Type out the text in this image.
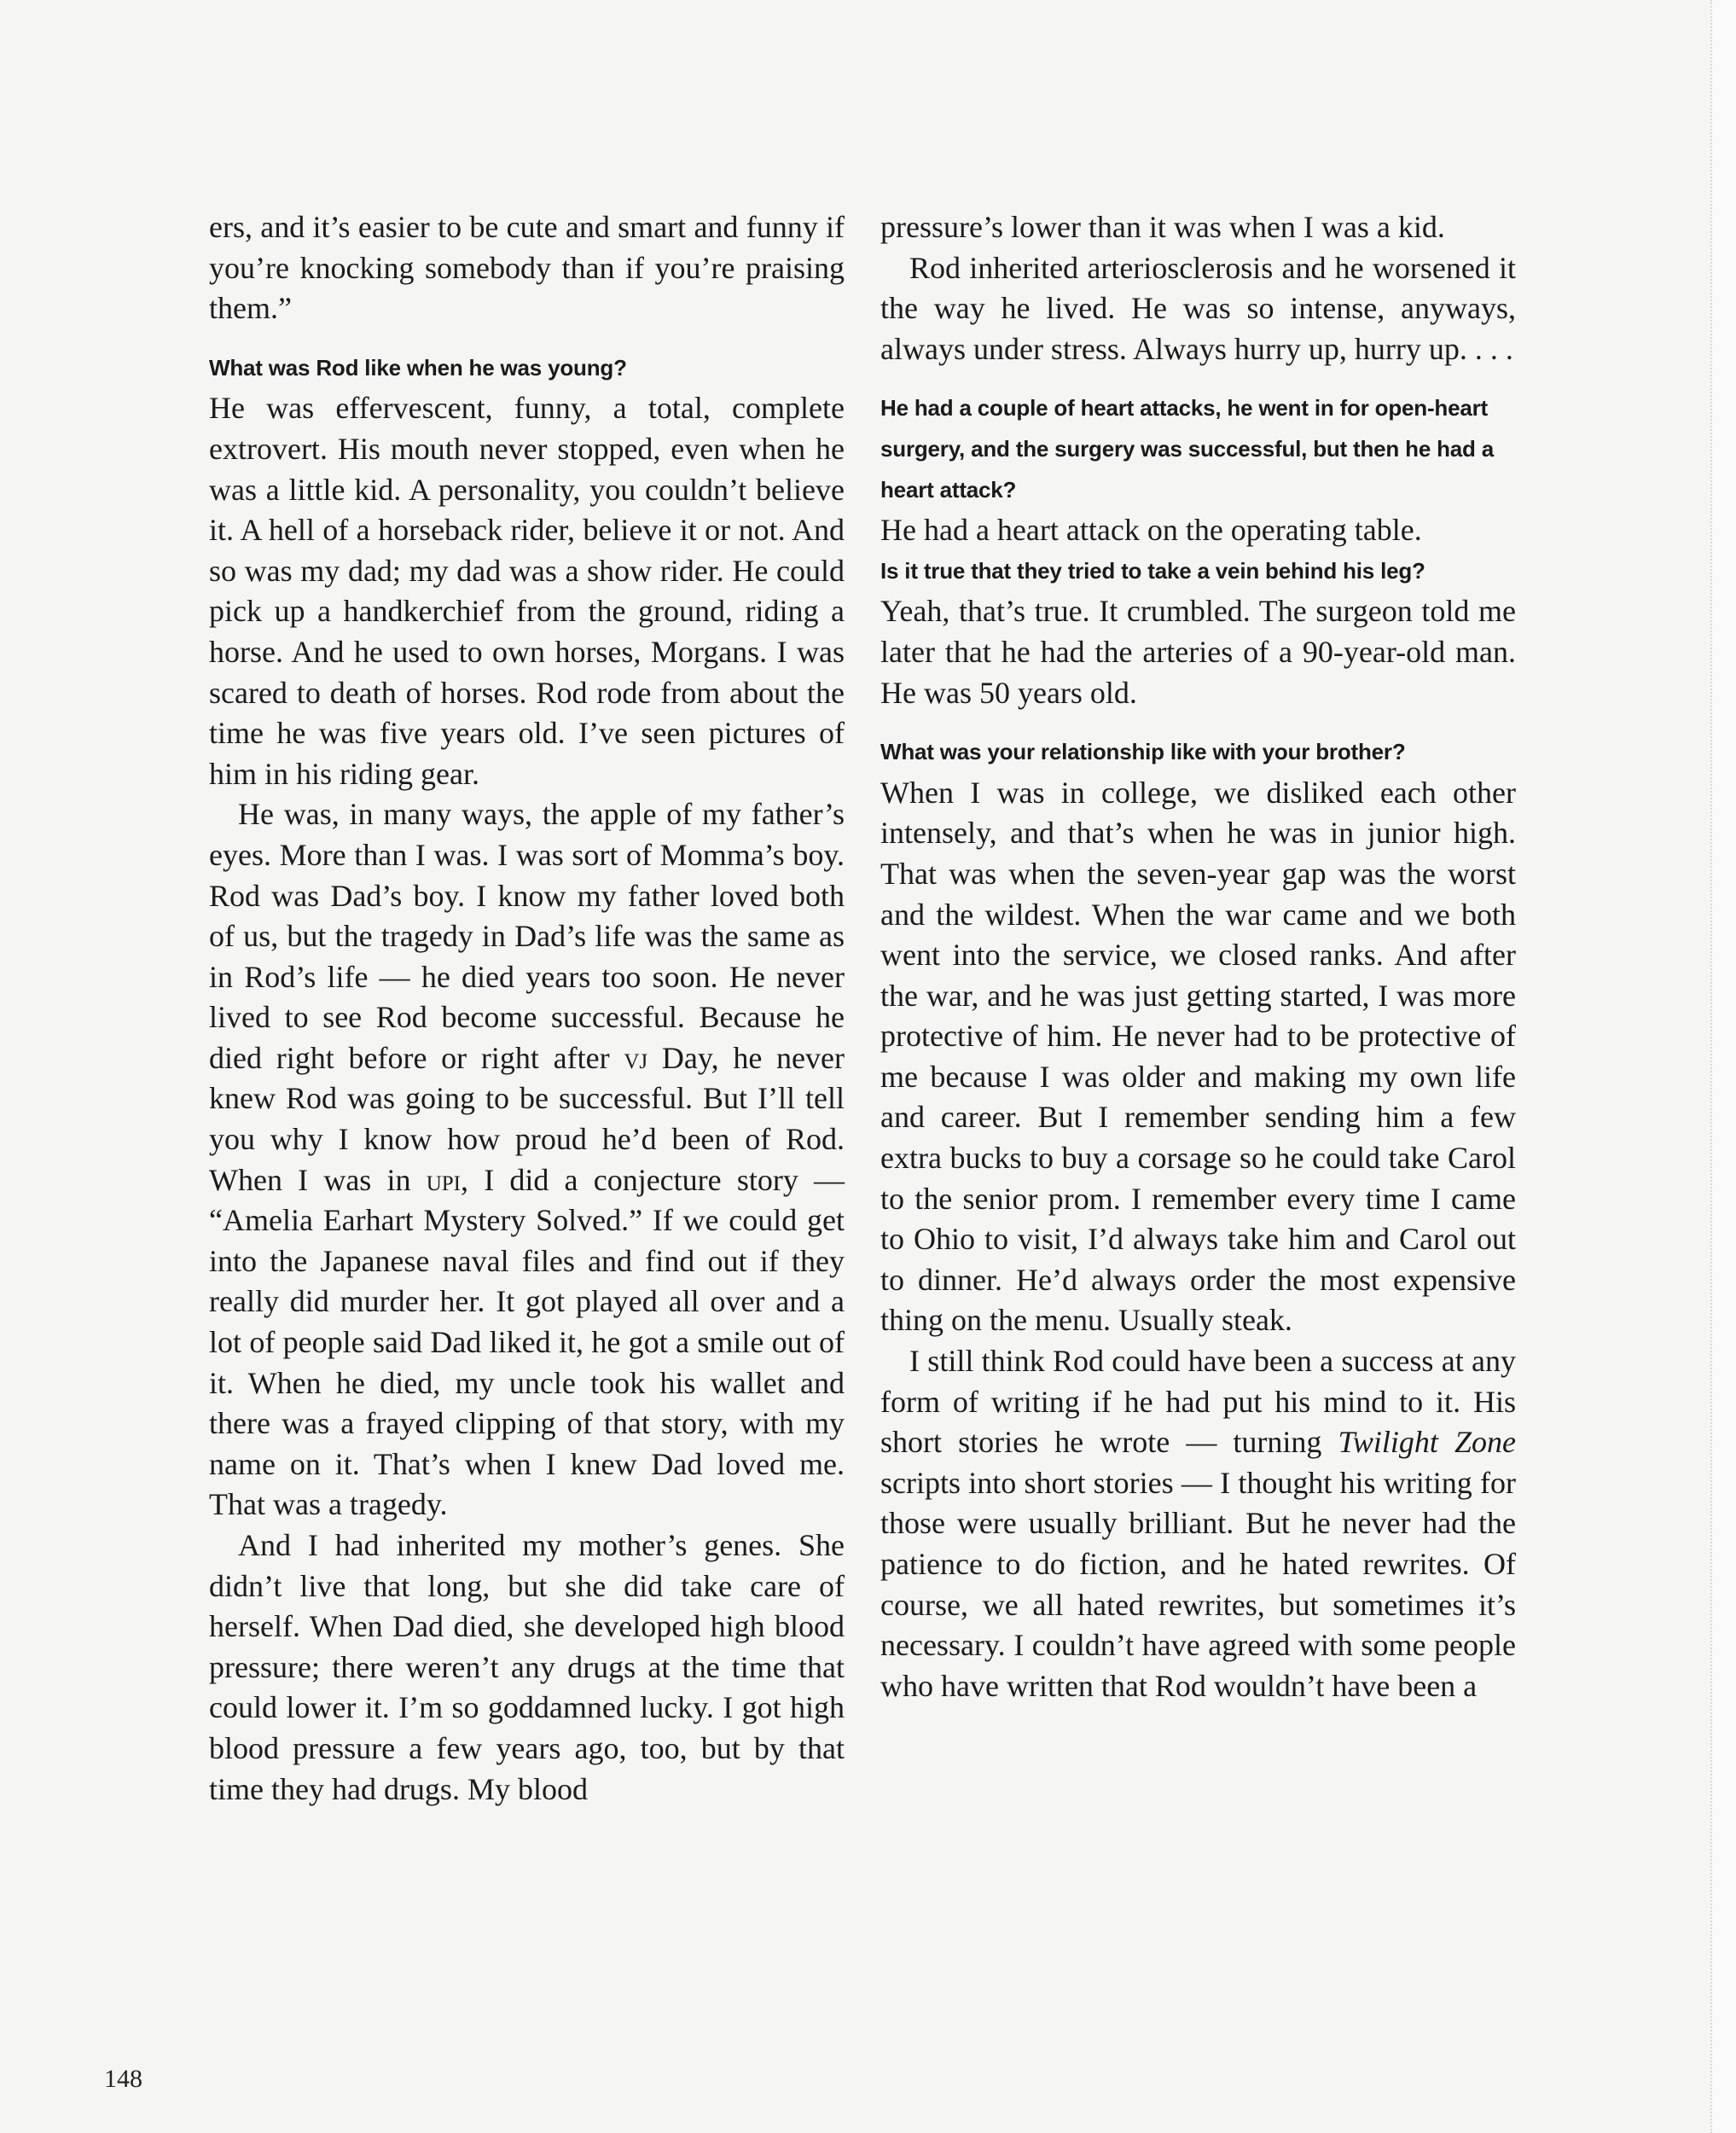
ers, and it’s easier to be cute and smart and funny if you’re knocking somebody than if you’re praising them.”

What was Rod like when he was young?

He was effervescent, funny, a total, complete extrovert. His mouth never stopped, even when he was a little kid. A personality, you couldn’t believe it. A hell of a horseback rider, believe it or not. And so was my dad; my dad was a show rider. He could pick up a handkerchief from the ground, riding a horse. And he used to own horses, Morgans. I was scared to death of horses. Rod rode from about the time he was five years old. I’ve seen pictures of him in his riding gear.

He was, in many ways, the apple of my father’s eyes. More than I was. I was sort of Momma’s boy. Rod was Dad’s boy. I know my father loved both of us, but the tragedy in Dad’s life was the same as in Rod’s life — he died years too soon. He never lived to see Rod become successful. Because he died right before or right after vj Day, he never knew Rod was going to be successful. But I’ll tell you why I know how proud he’d been of Rod. When I was in upi, I did a conjecture story — “Amelia Earhart Mystery Solved.” If we could get into the Japanese naval files and find out if they really did murder her. It got played all over and a lot of people said Dad liked it, he got a smile out of it. When he died, my uncle took his wallet and there was a frayed clipping of that story, with my name on it. That’s when I knew Dad loved me. That was a tragedy.

And I had inherited my mother’s genes. She didn’t live that long, but she did take care of herself. When Dad died, she developed high blood pressure; there weren’t any drugs at the time that could lower it. I’m so goddamned lucky. I got high blood pressure a few years ago, too, but by that time they had drugs. My blood

pressure’s lower than it was when I was a kid.

Rod inherited arteriosclerosis and he worsened it the way he lived. He was so intense, anyways, always under stress. Always hurry up, hurry up. . . .

He had a couple of heart attacks, he went in for open-heart surgery, and the surgery was successful, but then he had a heart attack?

He had a heart attack on the operating table.

Is it true that they tried to take a vein behind his leg?

Yeah, that’s true. It crumbled. The surgeon told me later that he had the arteries of a 90-year-old man. He was 50 years old.

What was your relationship like with your brother?

When I was in college, we disliked each other intensely, and that’s when he was in junior high. That was when the seven-year gap was the worst and the wildest. When the war came and we both went into the service, we closed ranks. And after the war, and he was just getting started, I was more protective of him. He never had to be protective of me because I was older and making my own life and career. But I remember sending him a few extra bucks to buy a corsage so he could take Carol to the senior prom. I remember every time I came to Ohio to visit, I’d always take him and Carol out to dinner. He’d always order the most expensive thing on the menu. Usually steak.

I still think Rod could have been a success at any form of writing if he had put his mind to it. His short stories he wrote — turning Twilight Zone scripts into short stories — I thought his writing for those were usually brilliant. But he never had the patience to do fiction, and he hated rewrites. Of course, we all hated rewrites, but sometimes it’s necessary. I couldn’t have agreed with some people who have written that Rod wouldn’t have been a

148
